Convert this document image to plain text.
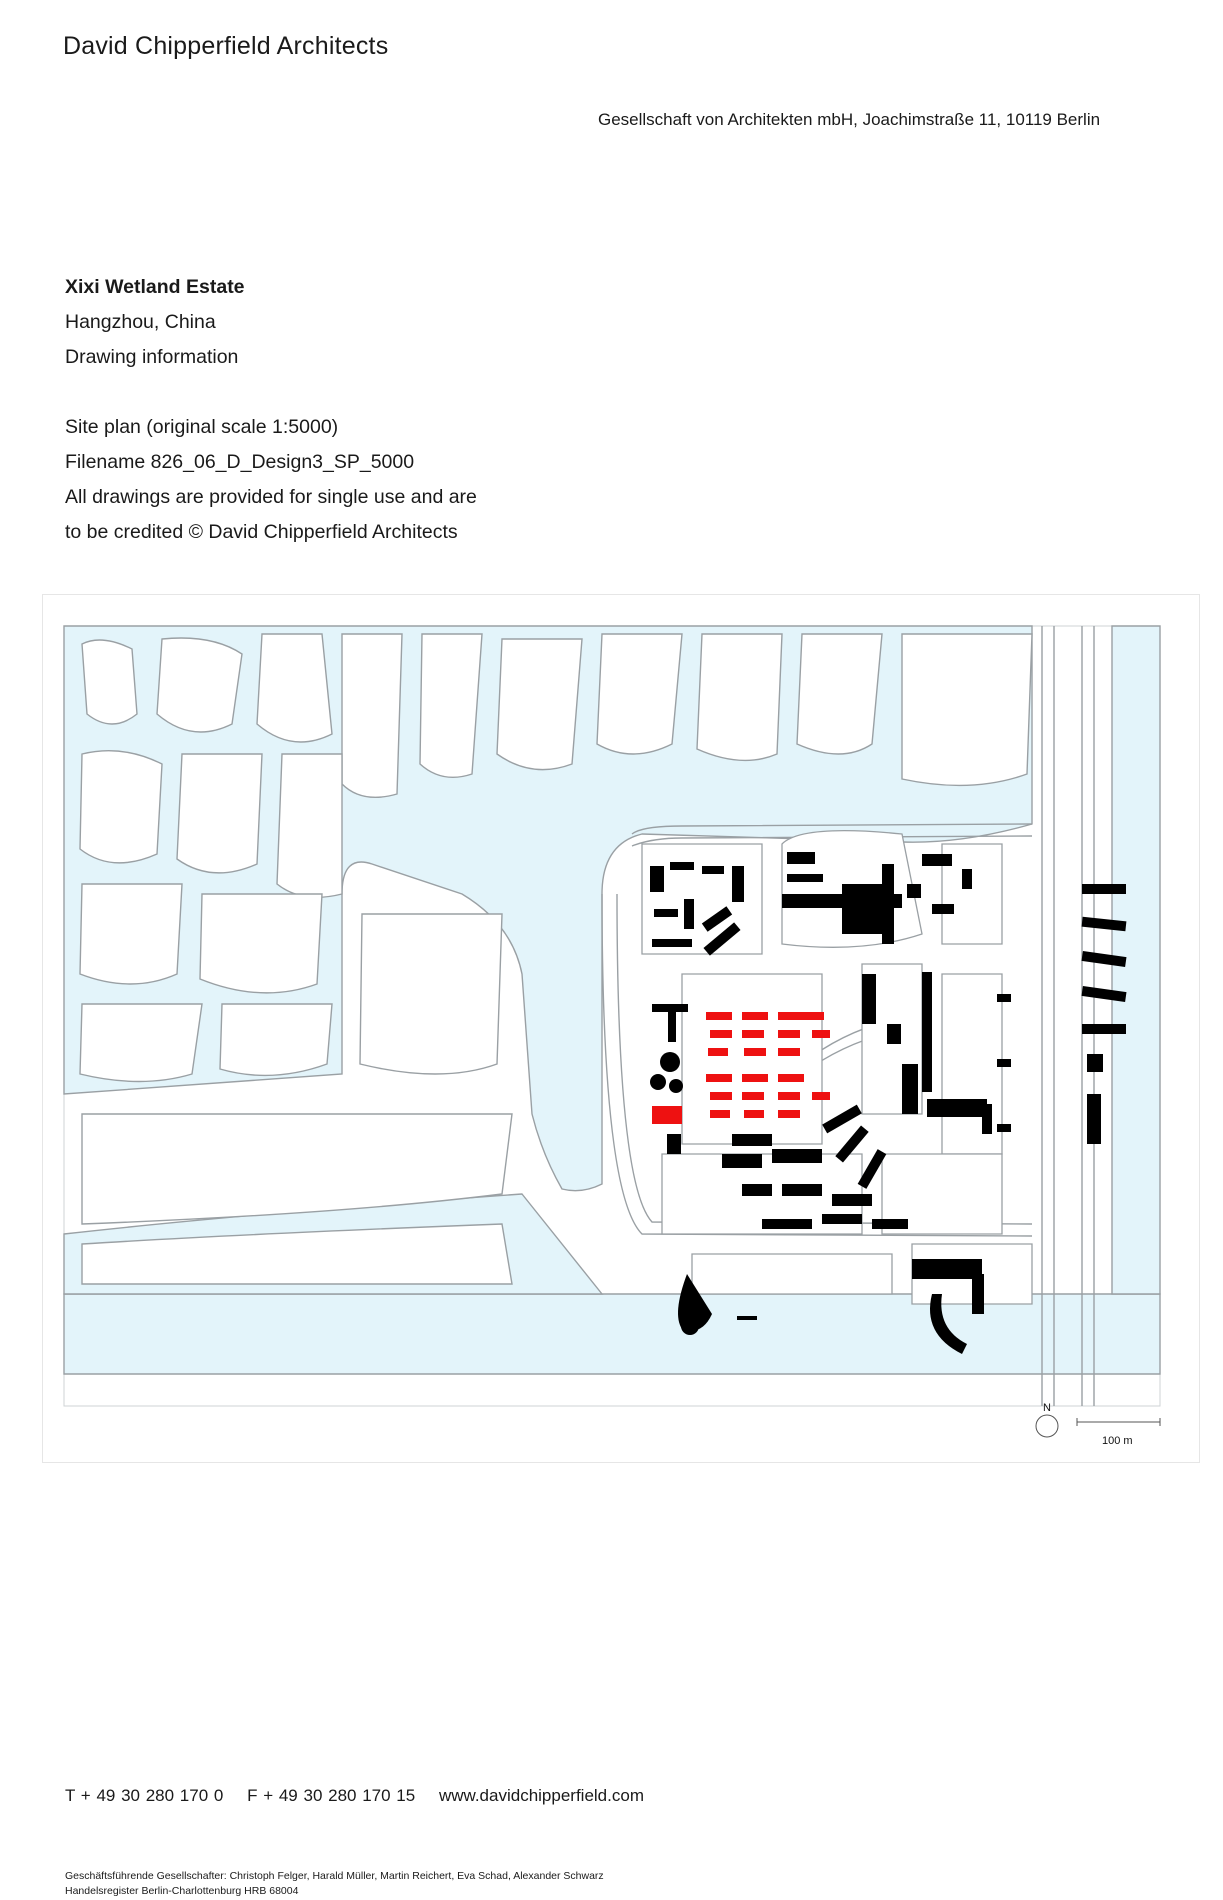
David Chipperfield Architects
Gesellschaft von Architekten mbH, Joachimstraße 11, 10119 Berlin
Xixi Wetland Estate
Hangzhou, China
Drawing information
Site plan (original scale 1:5000)
Filename 826_06_D_Design3_SP_5000
All drawings are provided for single use and are
to be credited © David Chipperfield Architects
N
100 m
T + 49 30 280 170 0 F + 49 30 280 170 15 www.davidchipperfield.com
Geschäftsführende Gesellschafter: Christoph Felger, Harald Müller, Martin Reichert, Eva Schad, Alexander Schwarz
Handelsregister Berlin-Charlottenburg HRB 68004
